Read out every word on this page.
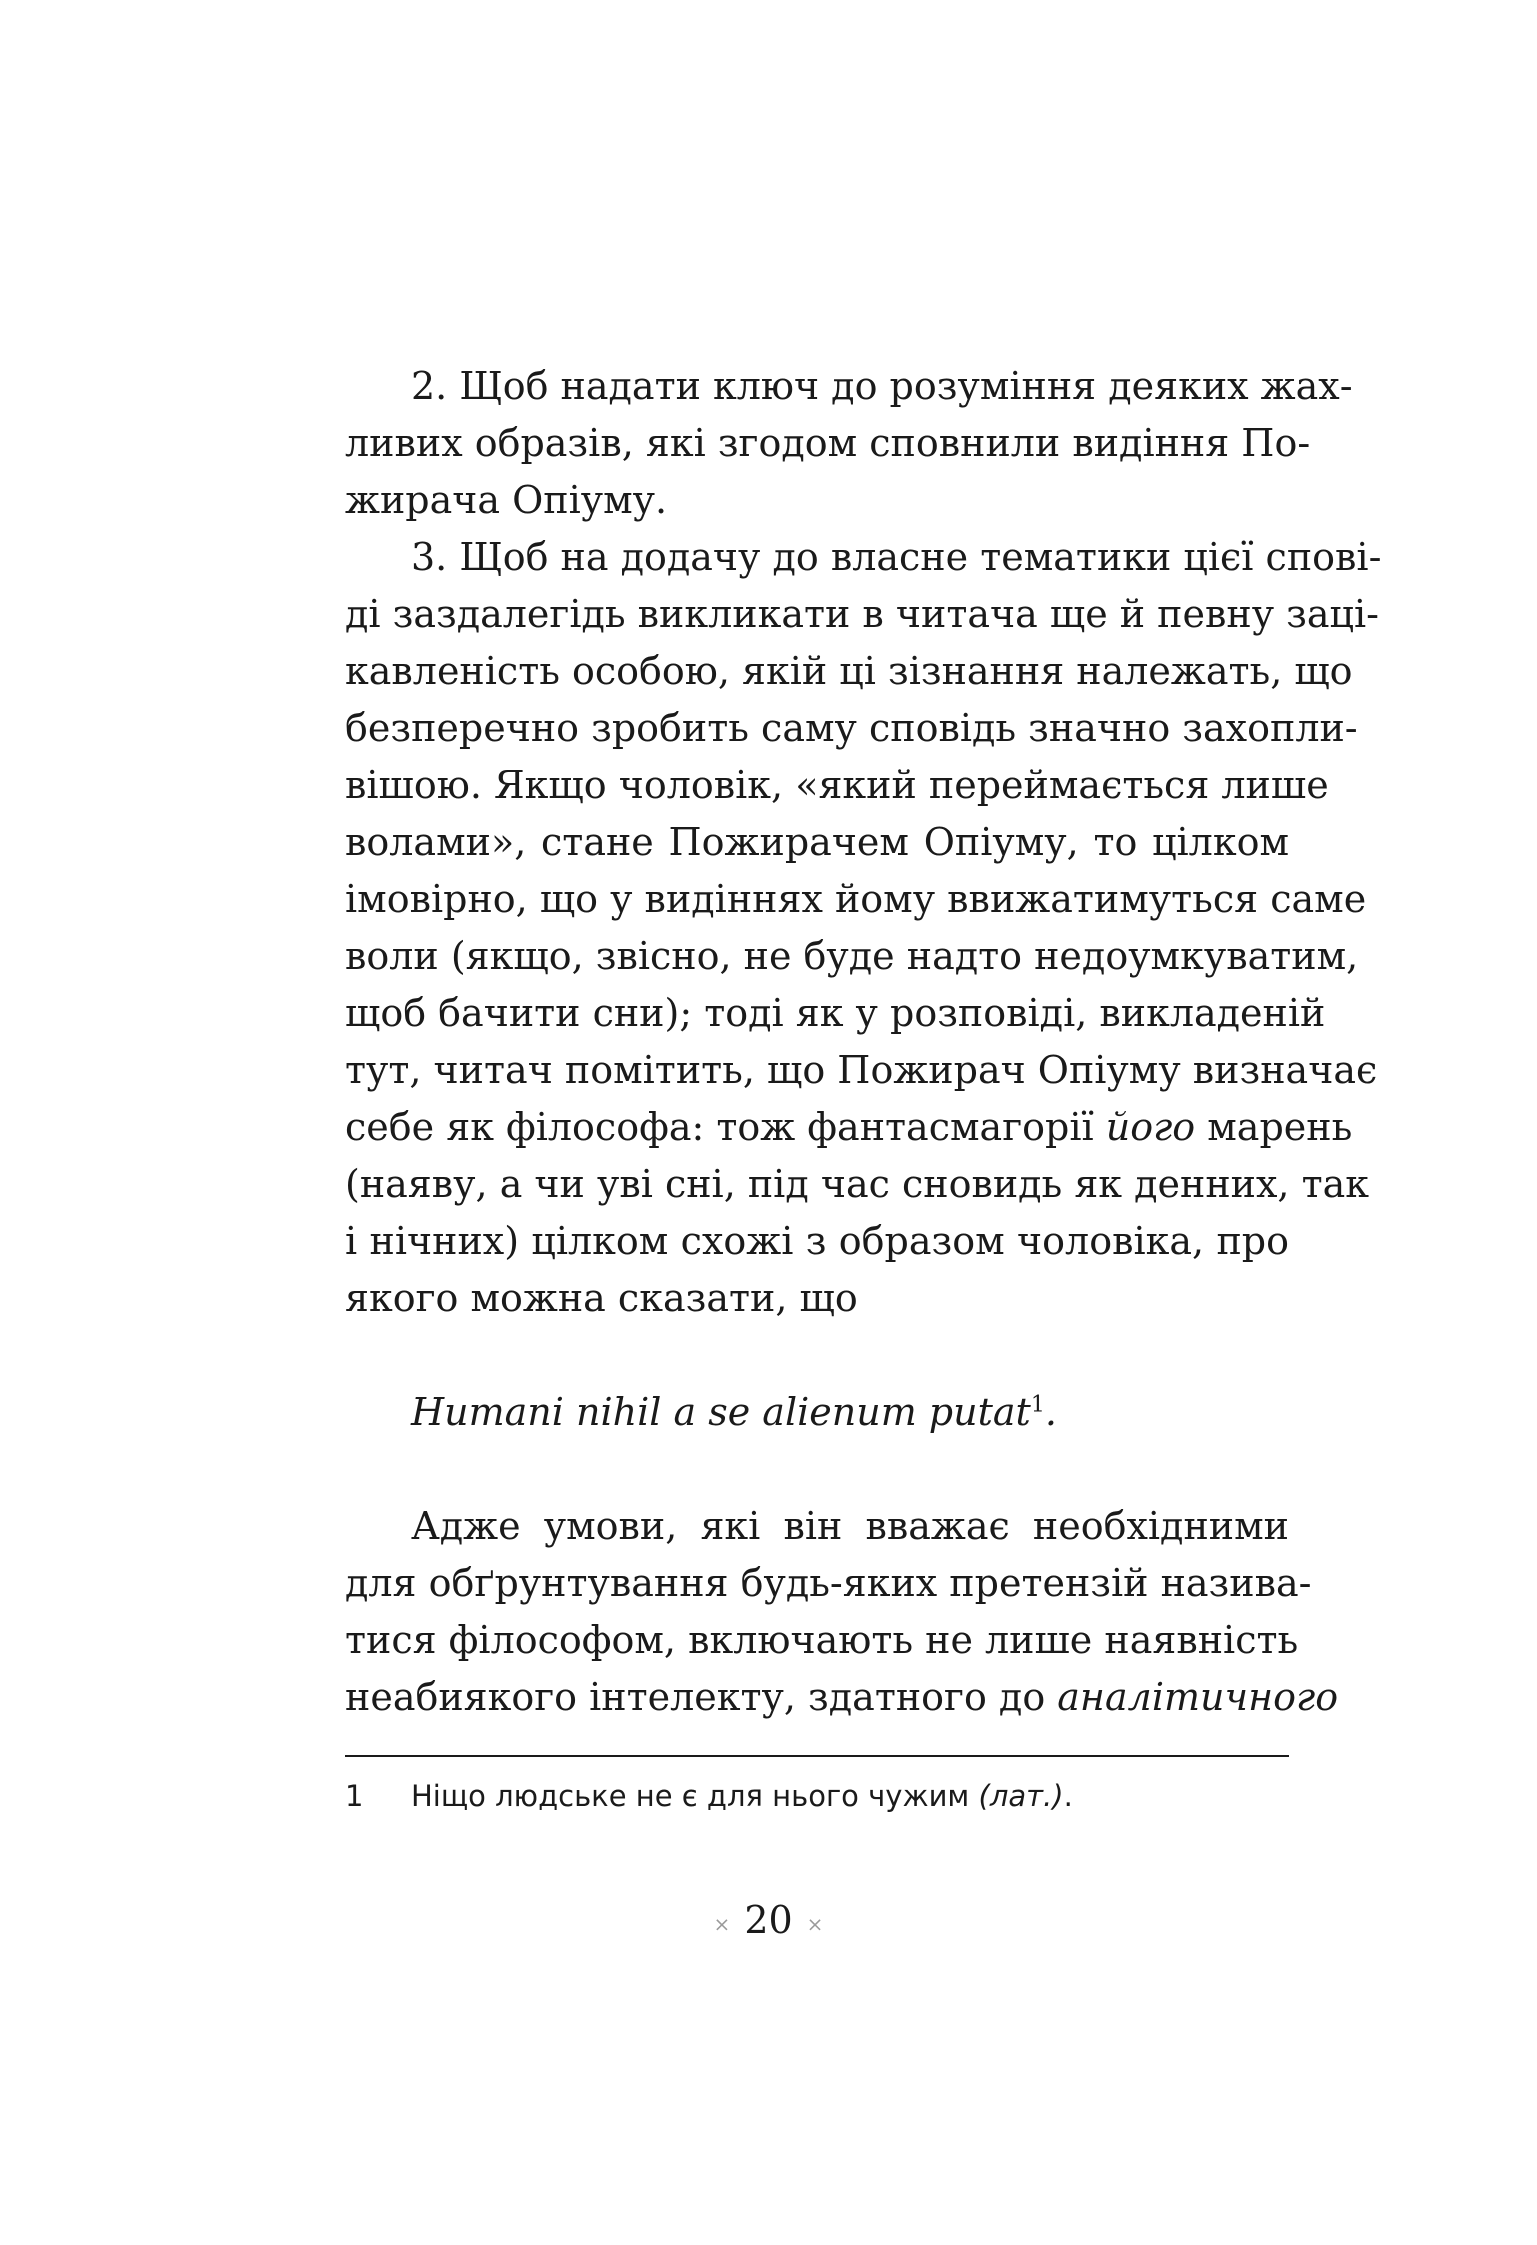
2. Щоб надати ключ до розуміння деяких жах-
ливих образів, які згодом сповнили видіння По-
жирача Опіуму.
3. Щоб на додачу до власне тематики цієї сповi-
ді заздалегідь викликати в читача ще й певну заці-
кавленість особою, якій ці зізнання належать, що
безперечно зробить саму сповідь значно захопли-
вішою. Якщо чоловік, «який переймається лише
волами», стане Пожирачем Опіуму, то цілком
імовірно, що у видіннях йому ввижатимуться саме
воли (якщо, звісно, не буде надто недоумкуватим,
щоб бачити сни); тоді як у розповіді, викладеній
тут, читач помітить, що Пожирач Опіуму визначає
себе як філософа: тож фантасмагорії його марень
(наяву, а чи уві сні, під час сновидь як денних, так
і нічних) цілком схожі з образом чоловіка, про
якого можна сказати, що
Humani nihil a se alienum putat$^1$.
Адже умови, які він вважає необхідними
для обґрунтування будь-яких претензій назива-
тися філософом, включають не лише наявність
неабиякого інтелекту, здатного до аналітичного
1 Ніщо людське не є для нього чужим (лат.).
× 20 ×
